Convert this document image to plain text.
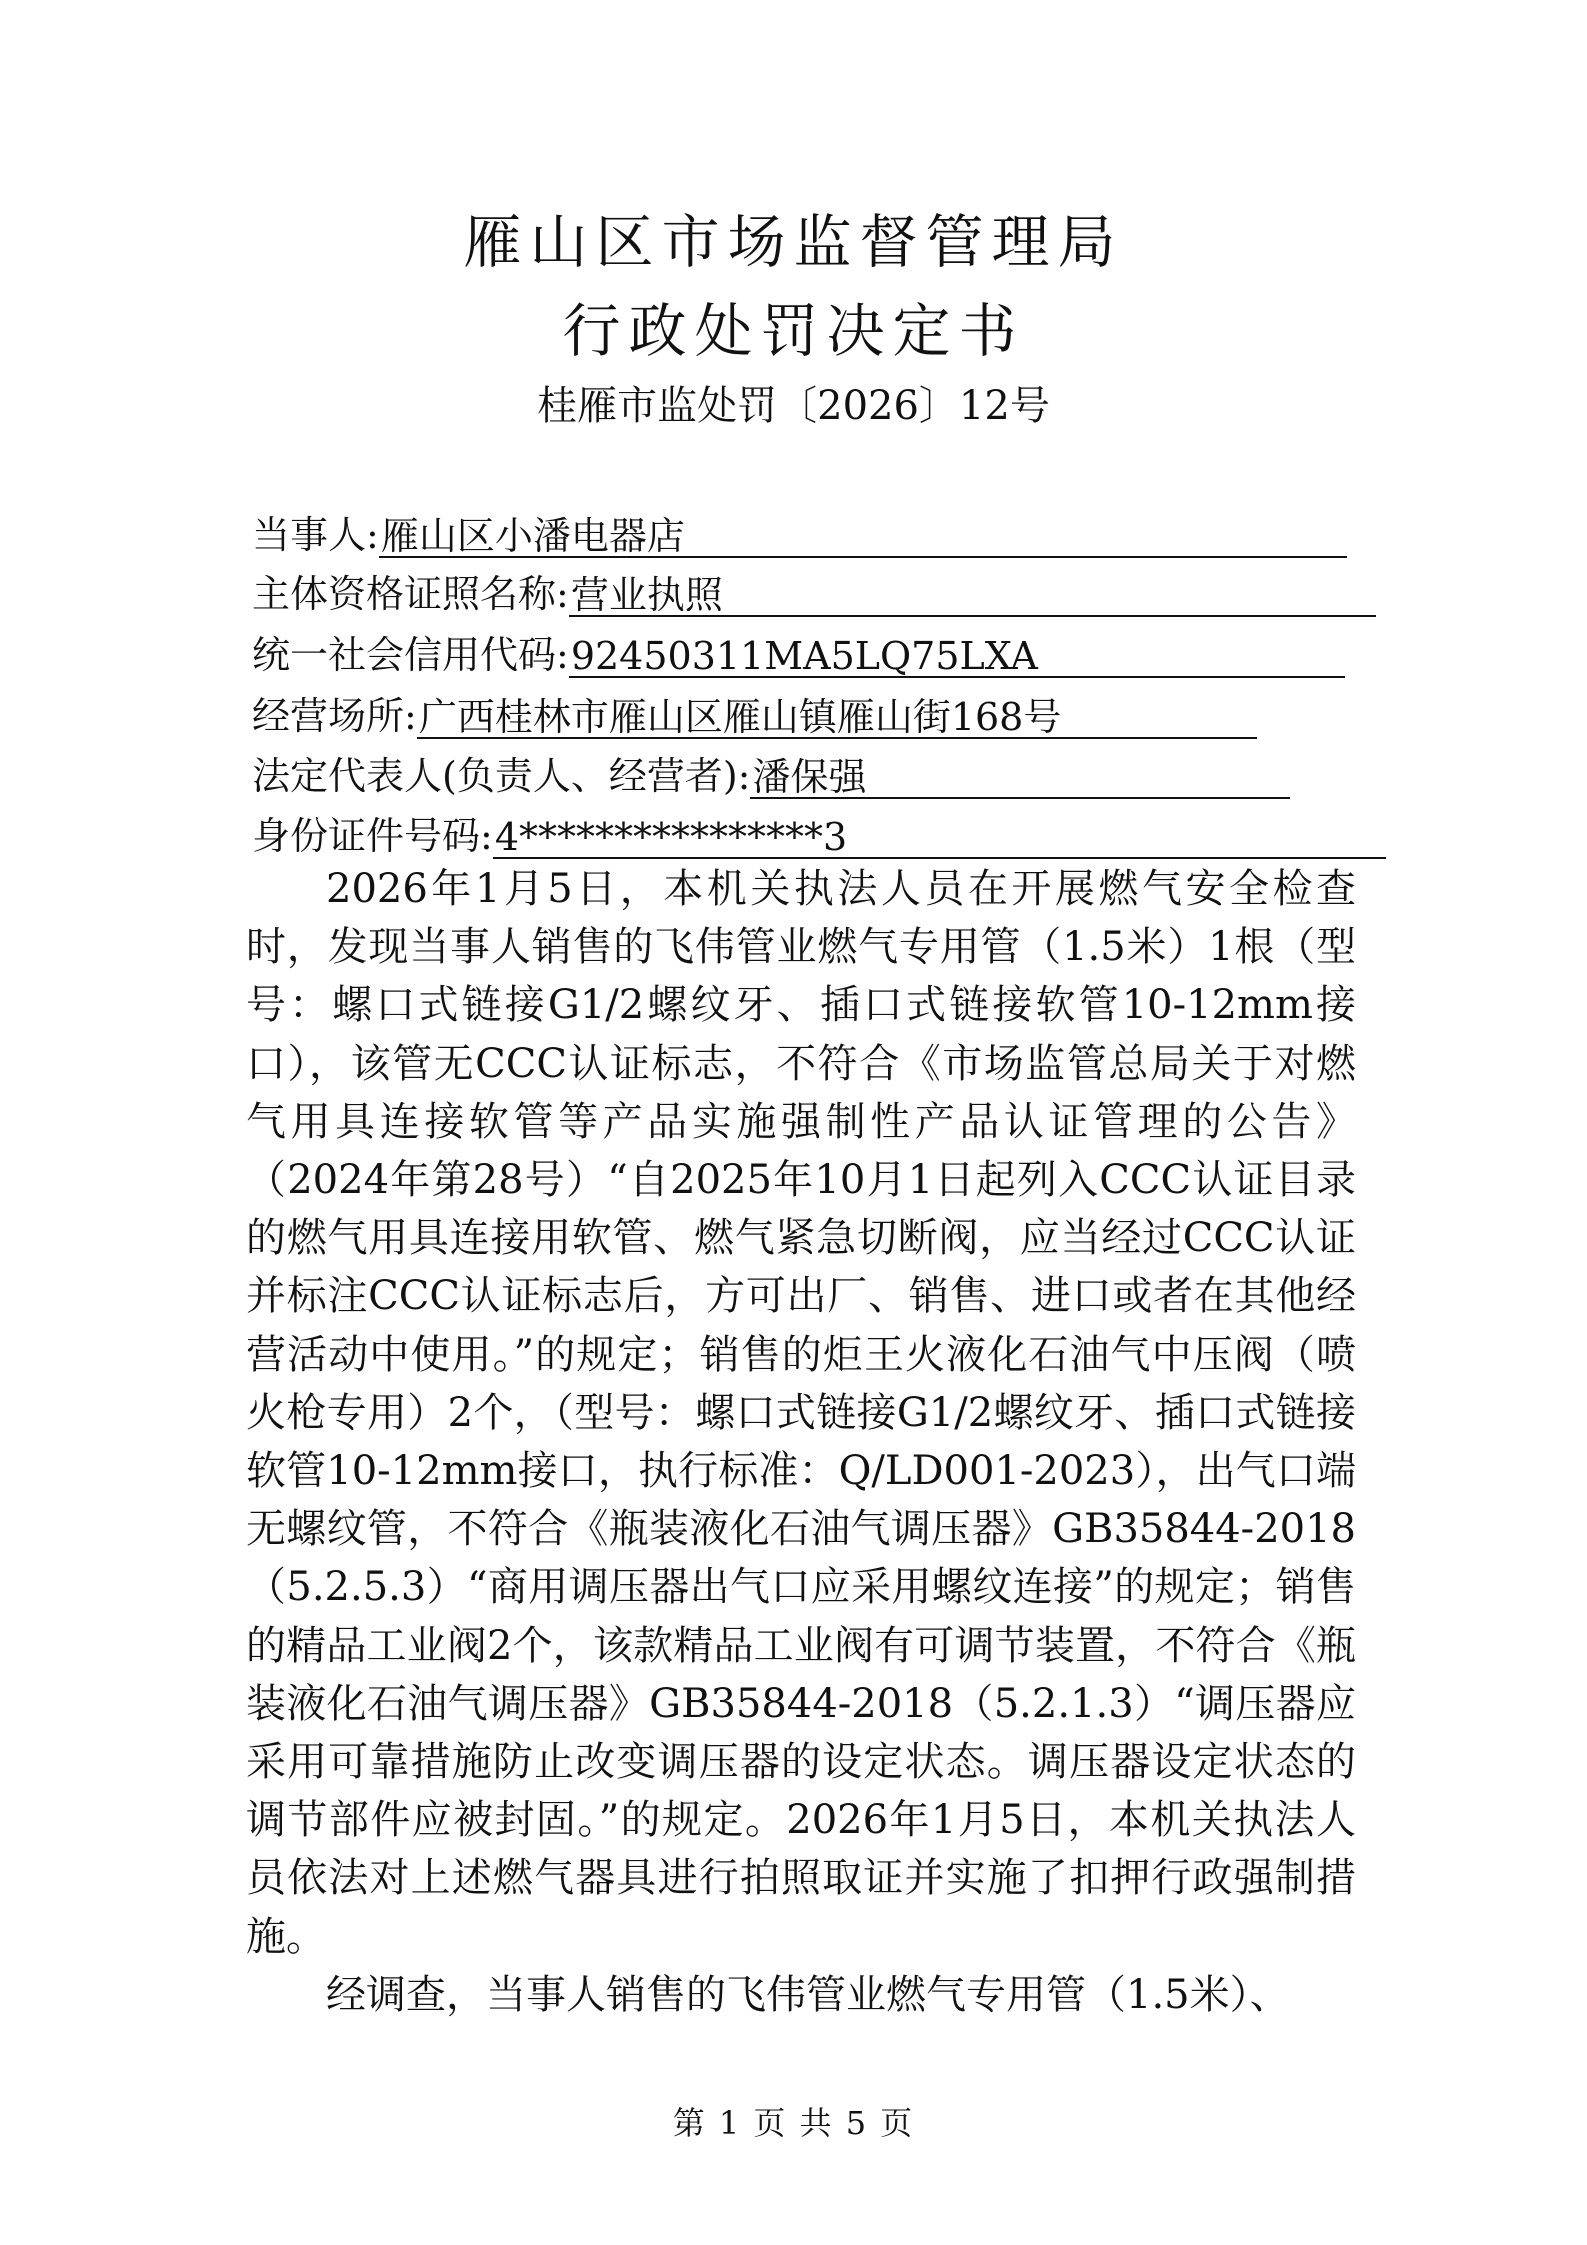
雁山区市场监督管理局
行政处罚决定书
桂雁市监处罚〔2026〕12号
当事人:雁山区小潘电器店
主体资格证照名称:营业执照
统一社会信用代码:92450311MA5LQ75LXA
经营场所:广西桂林市雁山区雁山镇雁山街168号
法定代表人(负责人、经营者):潘保强
身份证件号码:4****************3

2026年1月5日，本机关执法人员在开展燃气安全检查时，发现当事人销售的飞伟管业燃气专用管（1.5米）1根（型号：螺口式链接G1/2螺纹牙、插口式链接软管10-12mm接口），该管无CCC认证标志，不符合《市场监管总局关于对燃气用具连接软管等产品实施强制性产品认证管理的公告》（2024年第28号）“自2025年10月1日起列入CCC认证目录的燃气用具连接用软管、燃气紧急切断阀，应当经过CCC认证并标注CCC认证标志后，方可出厂、销售、进口或者在其他经营活动中使用。”的规定；销售的炬王火液化石油气中压阀（喷火枪专用）2个，（型号：螺口式链接G1/2螺纹牙、插口式链接软管10-12mm接口，执行标准：Q/LD001-2023），出气口端无螺纹管，不符合《瓶装液化石油气调压器》GB35844-2018（5.2.5.3）“商用调压器出气口应采用螺纹连接”的规定；销售的精品工业阀2个，该款精品工业阀有可调节装置，不符合《瓶装液化石油气调压器》GB35844-2018（5.2.1.3）“调压器应采用可靠措施防止改变调压器的设定状态。调压器设定状态的调节部件应被封固。”的规定。2026年1月5日，本机关执法人员依法对上述燃气器具进行拍照取证并实施了扣押行政强制措施。

经调查，当事人销售的飞伟管业燃气专用管（1.5米）、

第 1 页 共 5 页
